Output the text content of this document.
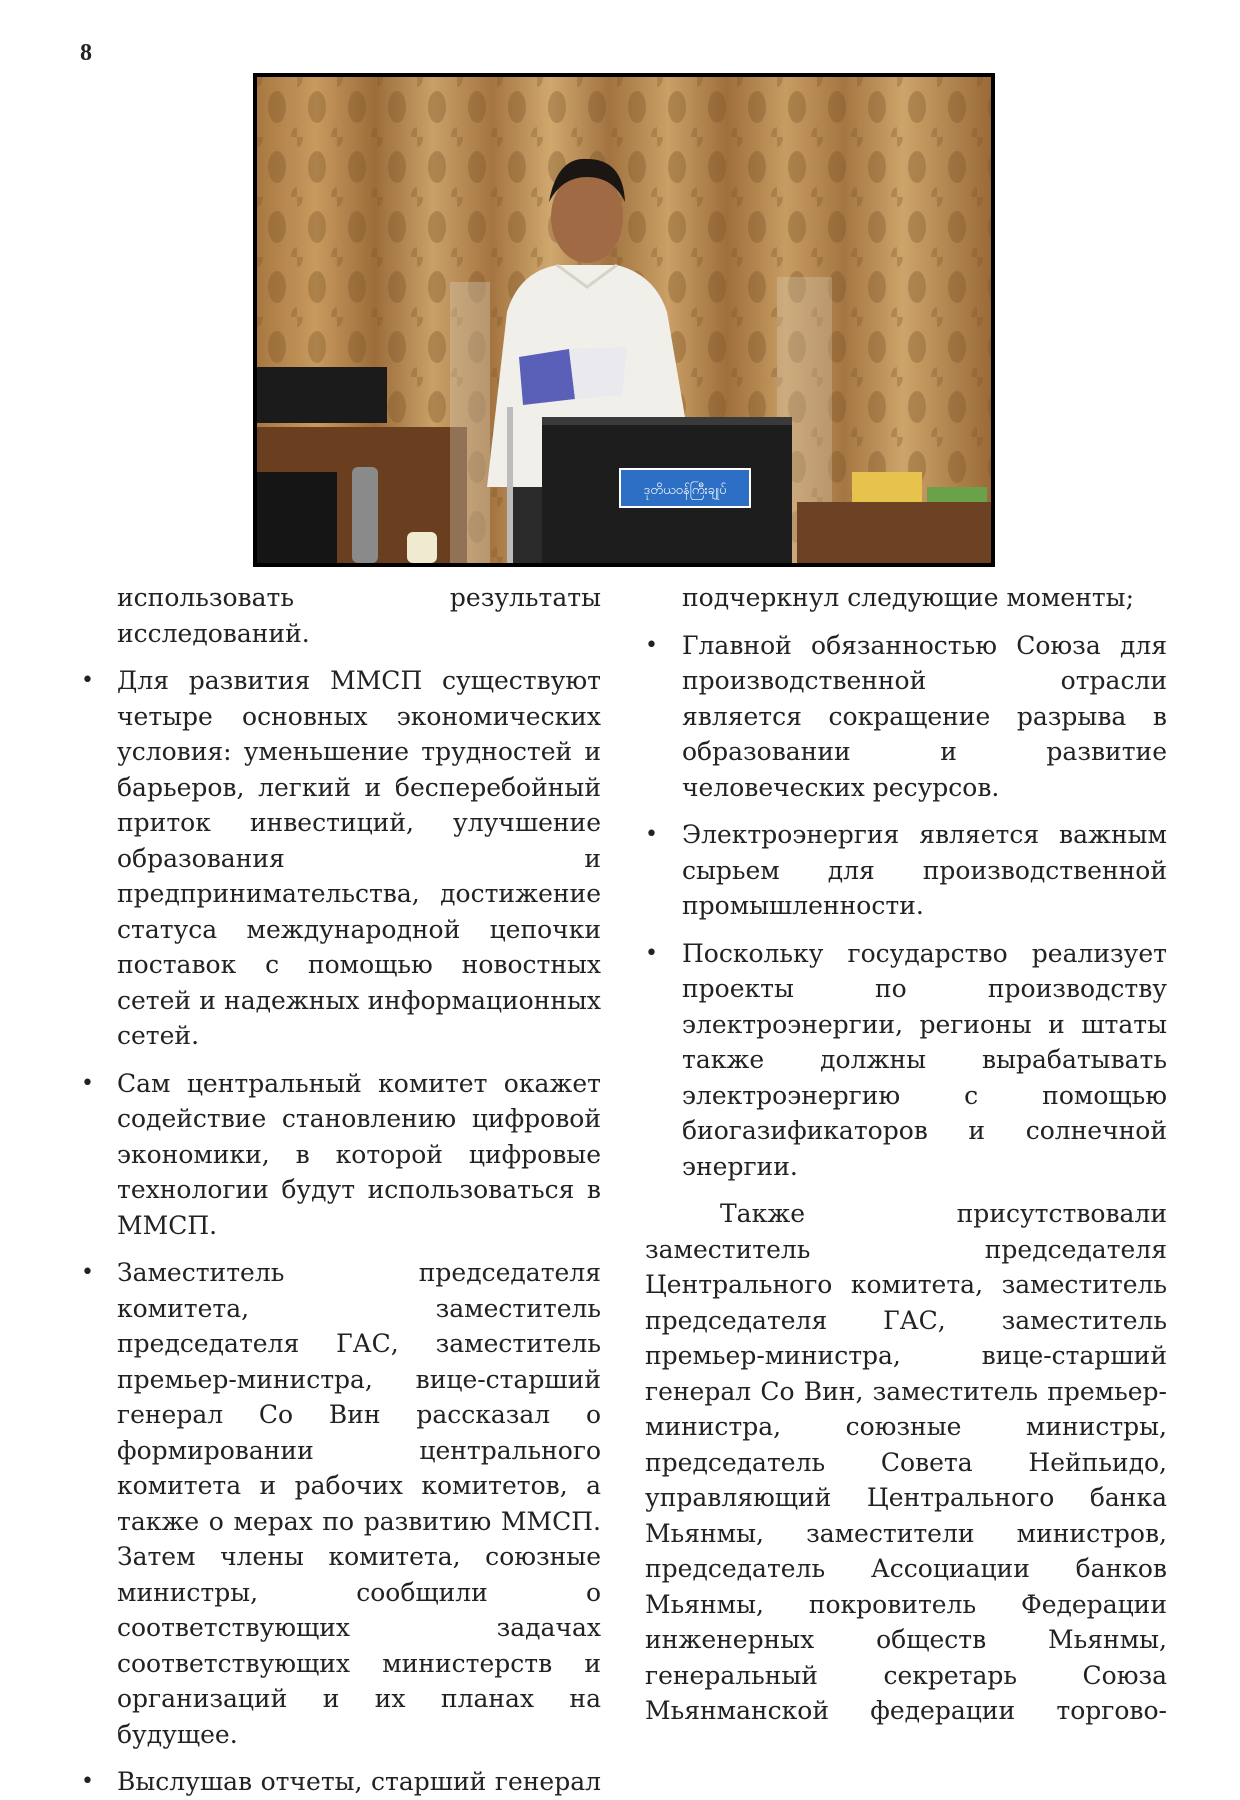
8
ဒုတိယဝန်ကြီးချုပ်

использовать результаты исследований.

• Для развития ММСП существуют четыре основных экономических условия: уменьшение трудностей и барьеров, легкий и бесперебойный приток инвестиций, улучшение образования и предпринимательства, достижение статуса международной цепочки поставок с помощью новостных сетей и надежных информационных сетей.

• Сам центральный комитет окажет содействие становлению цифровой экономики, в которой цифровые технологии будут использоваться в ММСП.

• Заместитель председателя комитета, заместитель председателя ГАС, заместитель премьер-министра, вице-старший генерал Со Вин рассказал о формировании центрального комитета и рабочих комитетов, а также о мерах по развитию ММСП. Затем члены комитета, союзные министры, сообщили о соответствующих задачах соответствующих министерств и организаций и их планах на будущее.

• Выслушав отчеты, старший генерал

подчеркнул следующие моменты;

• Главной обязанностью Союза для производственной отрасли является сокращение разрыва в образовании и развитие человеческих ресурсов.

• Электроэнергия является важным сырьем для производственной промышленности.

• Поскольку государство реализует проекты по производству электроэнергии, регионы и штаты также должны вырабатывать электроэнергию с помощью биогазификаторов и солнечной энергии.

Также присутствовали заместитель председателя Центрального комитета, заместитель председателя ГАС, заместитель премьер-министра, вице-старший генерал Со Вин, заместитель премьер-министра, союзные министры, председатель Совета Нейпьидо, управляющий Центрального банка Мьянмы, заместители министров, председатель Ассоциации банков Мьянмы, покровитель Федерации инженерных обществ Мьянмы, генеральный секретарь Союза Мьянманской федерации торгово-
